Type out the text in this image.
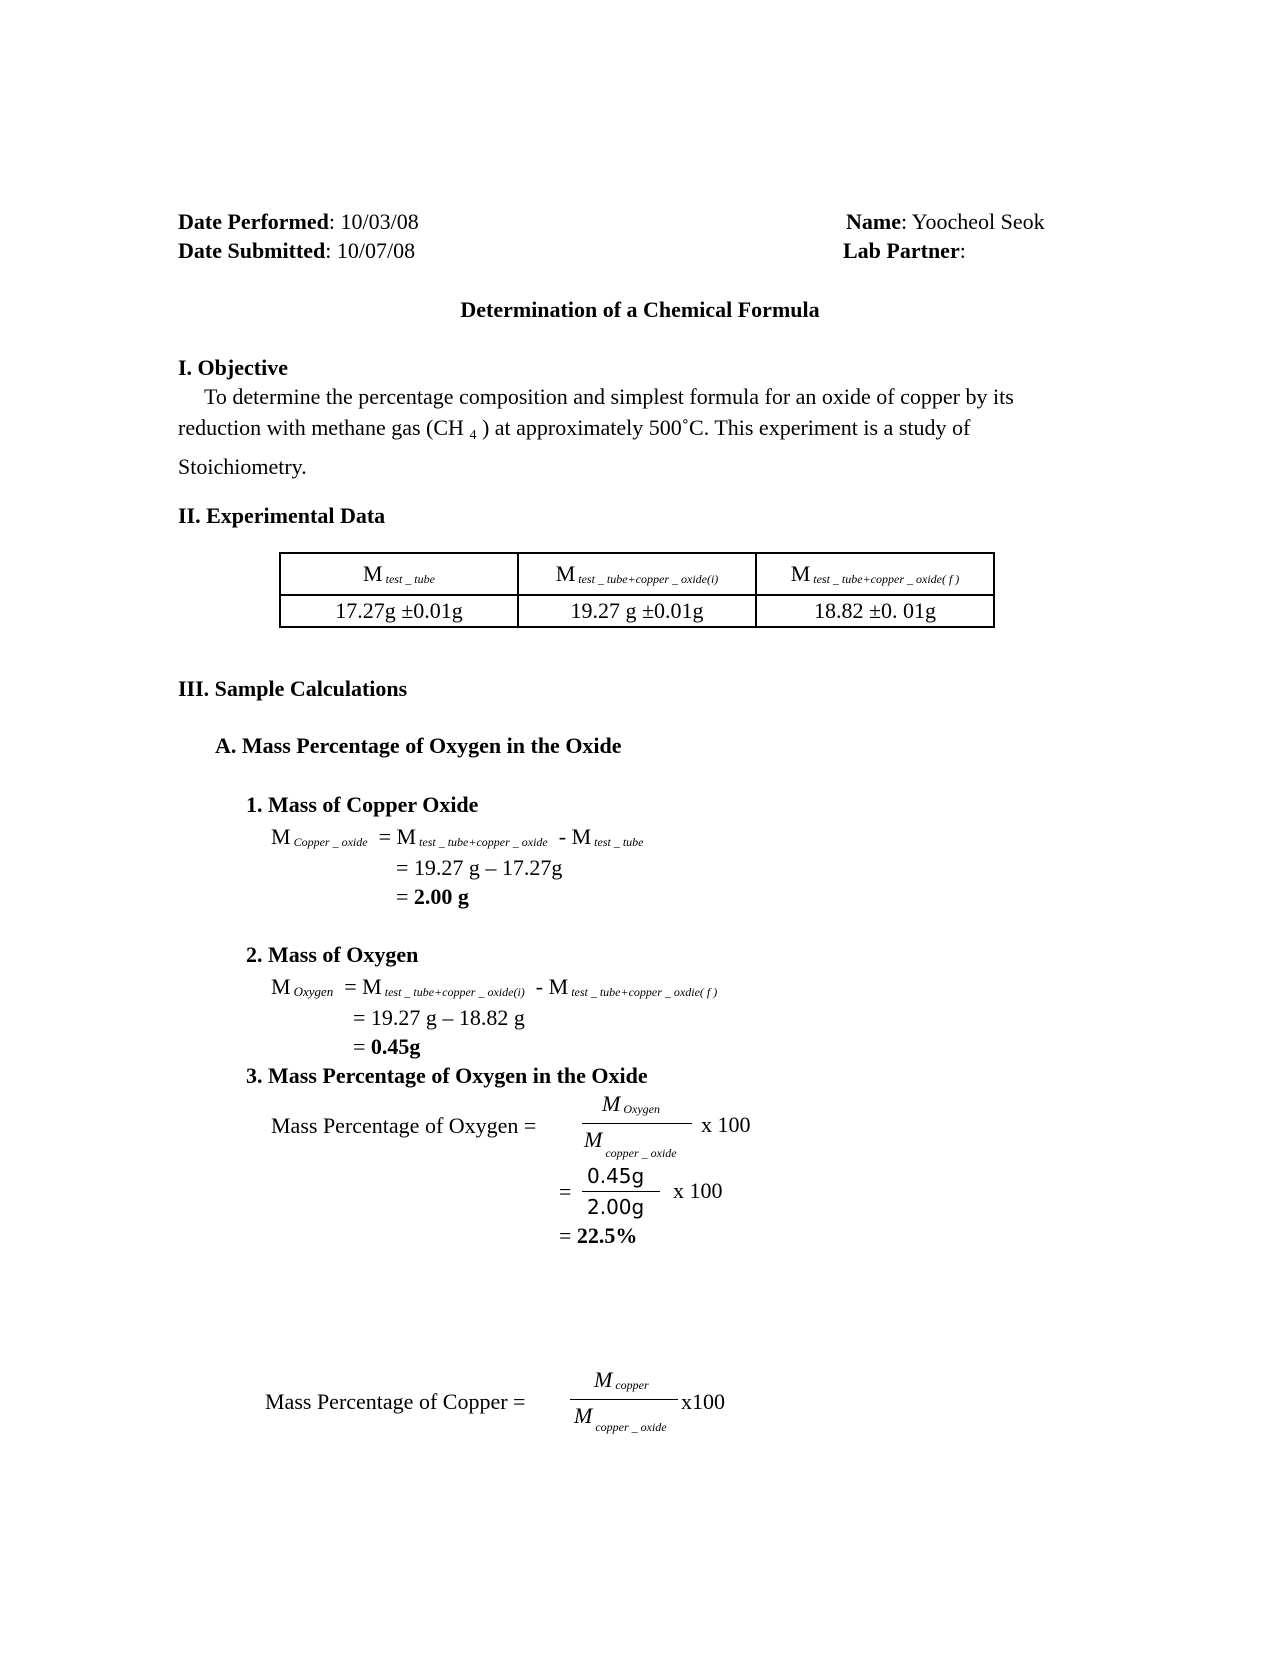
Date Performed: 10/03/08
Date Submitted: 10/07/08
Name: Yoocheol Seok
Lab Partner:
Determination of a Chemical Formula
I. Objective
To determine the percentage composition and simplest formula for an oxide of copper by its reduction with methane gas (CH 4 ) at approximately 500˚C. This experiment is a study of Stoichiometry.
II. Experimental Data
M test _ tube	M test _ tube+copper _ oxide(i)	M test _ tube+copper _ oxide( f )
17.27g ±0.01g	19.27 g ±0.01g	18.82 ±0. 01g
III. Sample Calculations
A. Mass Percentage of Oxygen in the Oxide
1. Mass of Copper Oxide
M Copper _ oxide = M test _ tube+copper _ oxide - M test _ tube
= 19.27 g – 17.27g
= 2.00 g
2. Mass of Oxygen
M Oxygen = M test _ tube+copper _ oxide(i) - M test _ tube+copper _ oxdie( f )
= 19.27 g – 18.82 g
= 0.45g
3. Mass Percentage of Oxygen in the Oxide
Mass Percentage of Oxygen =
M Oxygen
$M_{copper \_ oxide}$
x 100
=
0.45g
2.00g
x 100
= 22.5%
Mass Percentage of Copper =
Mcopper
M $_{copper \_ oxide}$
x100
